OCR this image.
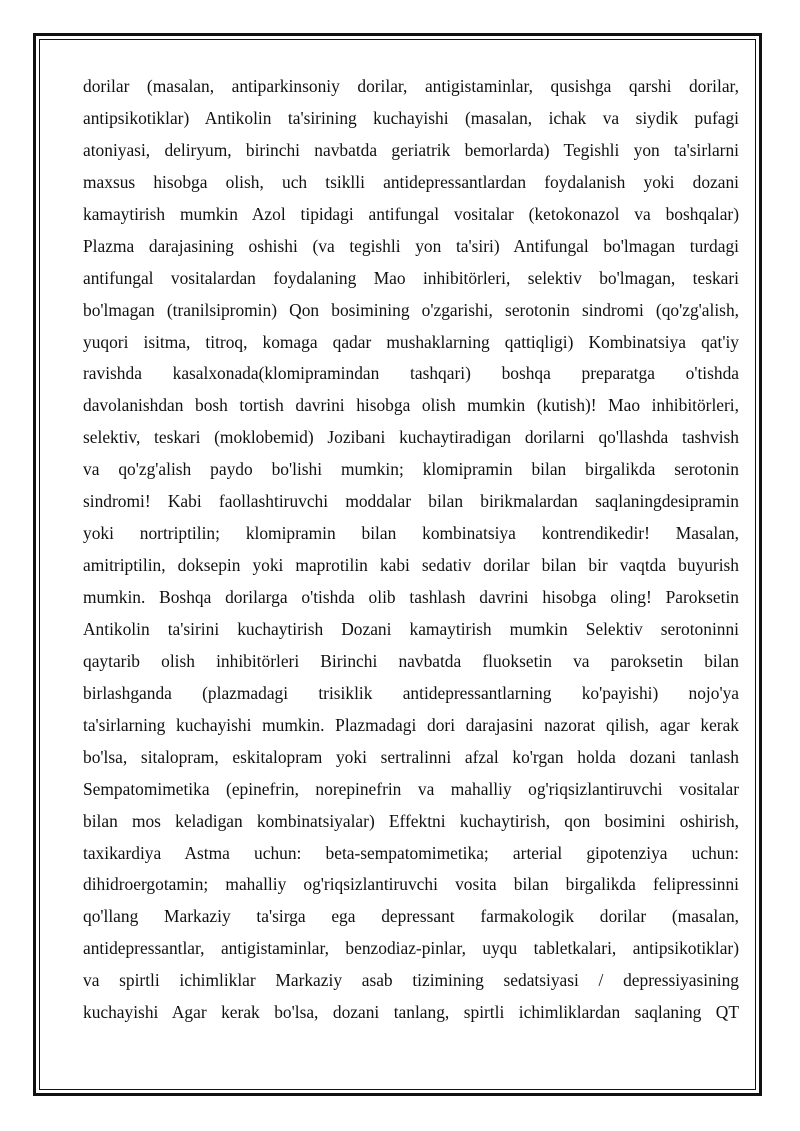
dorilar (masalan, antiparkinsoniy dorilar, antigistaminlar, qusishga qarshi dorilar,
antipsikotiklar) Antikolin ta'sirining kuchayishi (masalan, ichak va siydik pufagi
atoniyasi, deliryum, birinchi navbatda geriatrik bemorlarda) Tegishli yon ta'sirlarni
maxsus hisobga olish, uch tsiklli antidepressantlardan foydalanish yoki dozani
kamaytirish mumkin Azol tipidagi antifungal vositalar (ketokonazol va boshqalar)
Plazma darajasining oshishi (va tegishli yon ta'siri) Antifungal bo'lmagan turdagi
antifungal vositalardan foydalaning Mao inhibitörleri, selektiv bo'lmagan, teskari
bo'lmagan (tranilsipromin) Qon bosimining o'zgarishi, serotonin sindromi (qo'zg'alish,
yuqori isitma, titroq, komaga qadar mushaklarning qattiqligi) Kombinatsiya qat'iy
ravishda kasalxonada(klomipramindan tashqari) boshqa preparatga o'tishda
davolanishdan bosh tortish davrini hisobga olish mumkin (kutish)! Mao inhibitörleri,
selektiv, teskari (moklobemid) Jozibani kuchaytiradigan dorilarni qo'llashda tashvish
va qo'zg'alish paydo bo'lishi mumkin; klomipramin bilan birgalikda serotonin
sindromi! Kabi faollashtiruvchi moddalar bilan birikmalardan saqlaningdesipramin
yoki nortriptilin; klomipramin bilan kombinatsiya kontrendikedir! Masalan,
amitriptilin, doksepin yoki maprotilin kabi sedativ dorilar bilan bir vaqtda buyurish
mumkin. Boshqa dorilarga o'tishda olib tashlash davrini hisobga oling! Paroksetin
Antikolin ta'sirini kuchaytirish Dozani kamaytirish mumkin Selektiv serotoninni
qaytarib olish inhibitörleri Birinchi navbatda fluoksetin va paroksetin bilan
birlashganda (plazmadagi trisiklik antidepressantlarning ko'payishi) nojo'ya
ta'sirlarning kuchayishi mumkin. Plazmadagi dori darajasini nazorat qilish, agar kerak
bo'lsa, sitalopram, eskitalopram yoki sertralinni afzal ko'rgan holda dozani tanlash
Sempatomimetika (epinefrin, norepinefrin va mahalliy og'riqsizlantiruvchi vositalar
bilan mos keladigan kombinatsiyalar) Effektni kuchaytirish, qon bosimini oshirish,
taxikardiya Astma uchun: beta-sempatomimetika; arterial gipotenziya uchun:
dihidroergotamin; mahalliy og'riqsizlantiruvchi vosita bilan birgalikda felipressinni
qo'llang Markaziy ta'sirga ega depressant farmakologik dorilar (masalan,
antidepressantlar, antigistaminlar, benzodiaz-pinlar, uyqu tabletkalari, antipsikotiklar)
va spirtli ichimliklar Markaziy asab tizimining sedatsiyasi / depressiyasining
kuchayishi Agar kerak bo'lsa, dozani tanlang, spirtli ichimliklardan saqlaning QT
